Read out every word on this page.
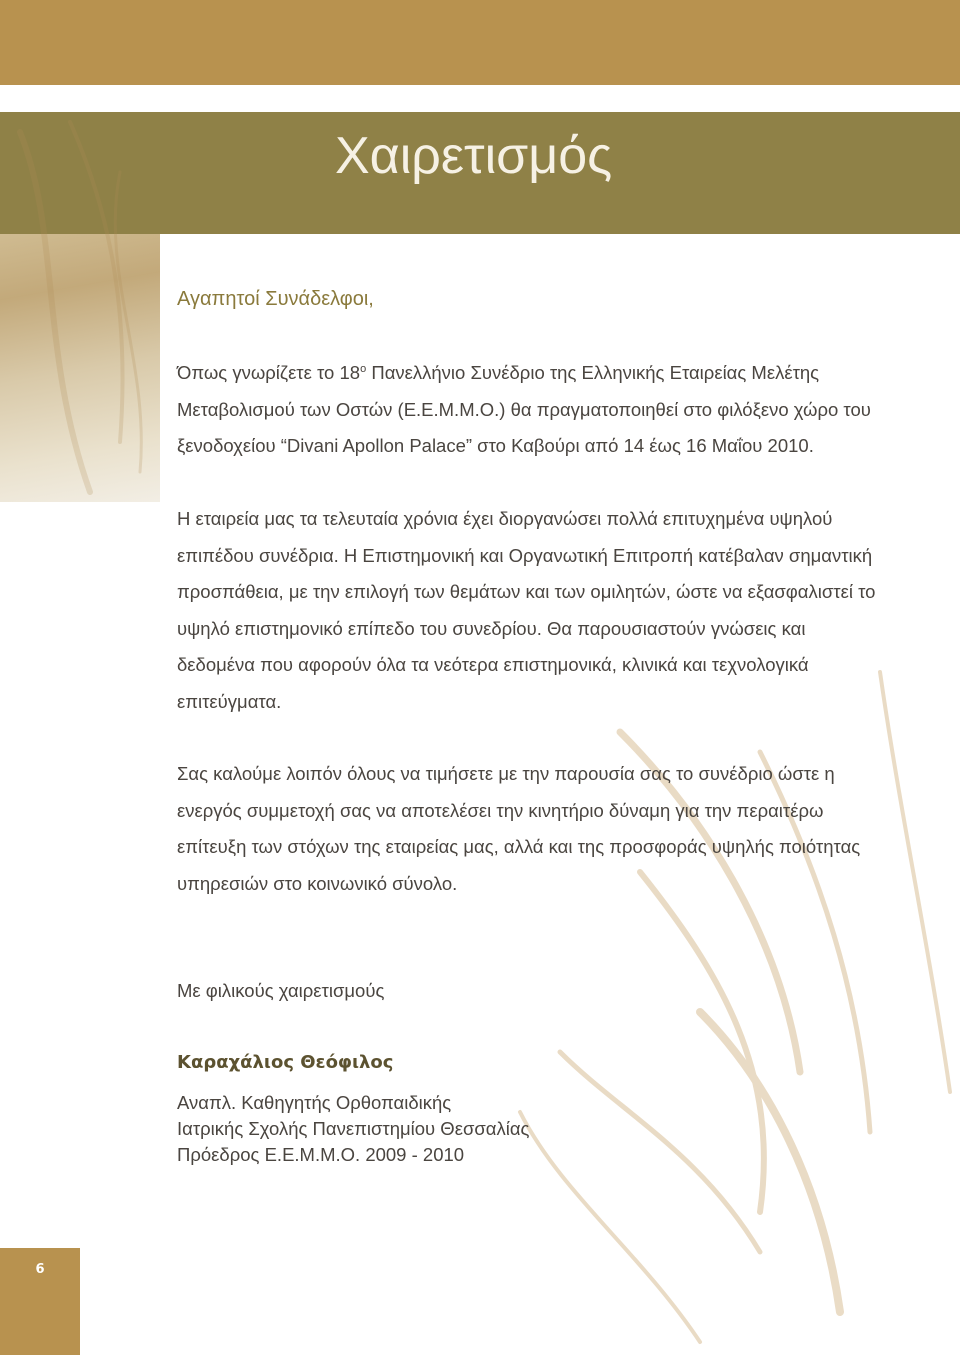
Χαιρετισμός

Αγαπητοί Συνάδελφοι,

Όπως γνωρίζετε το $18^o$ Πανελλήνιο Συνέδριο της Ελληνικής Εταιρείας Μελέτης Μεταβολισμού των Οστών (Ε.Ε.Μ.Μ.Ο.) θα πραγματοποιηθεί στο φιλόξενο χώρο του ξενοδοχείου “Divani Apollon Palace” στο Καβούρι από 14 έως 16 Μαΐου 2010.

Η εταιρεία μας τα τελευταία χρόνια έχει διοργανώσει πολλά επιτυχημένα υψηλού επιπέδου συνέδρια. Η Επιστημονική και Οργανωτική Επιτροπή κατέβαλαν σημαντική προσπάθεια, με την επιλογή των θεμάτων και των ομιλητών, ώστε να εξασφαλιστεί το υψηλό επιστημονικό επίπεδο του συνεδρίου. Θα παρουσιαστούν γνώσεις και δεδομένα που αφορούν όλα τα νεότερα επιστημονικά, κλινικά και τεχνολογικά επιτεύγματα.

Σας καλούμε λοιπόν όλους να τιμήσετε με την παρουσία σας το συνέδριο ώστε η ενεργός συμμετοχή σας να αποτελέσει την κινητήριο δύναμη για την περαιτέρω επίτευξη των στόχων της εταιρείας μας, αλλά και της προσφοράς υψηλής ποιότητας υπηρεσιών στο κοινωνικό σύνολο.

Με φιλικούς χαιρετισμούς

Καραχάλιος Θεόφιλος

Αναπλ. Καθηγητής Ορθοπαιδικής
Ιατρικής Σχολής Πανεπιστημίου Θεσσαλίας
Πρόεδρος Ε.Ε.Μ.Μ.Ο. 2009 - 2010
6
